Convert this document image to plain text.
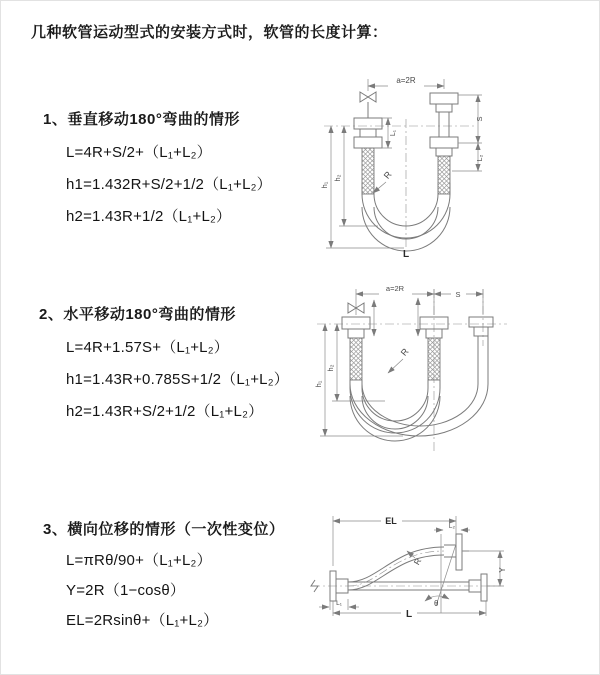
几种软管运动型式的安装方式时，软管的长度计算：
1、垂直移动180°弯曲的情形
L=4R+S/2+（L₁+L₂）
h1=1.432R+S/2+1/2（L₁+L₂）
h2=1.43R+1/2（L₁+L₂）
2、水平移动180°弯曲的情形
L=4R+1.57S+（L₁+L₂）
h1=1.43R+0.785S+1/2（L₁+L₂）
h2=1.43R+S/2+1/2（L₁+L₂）
3、横向位移的情形（一次性变位）
L=πRθ/90+（L₁+L₂）
Y=2R（1−cosθ）
EL=2Rsinθ+（L₁+L₂）
a=2R
L₁
S
L₂
h₁
h₂	R
L
a=2R
S
h₁
h₂
R
EL
L₂
θ
R
Y
L₁
L
